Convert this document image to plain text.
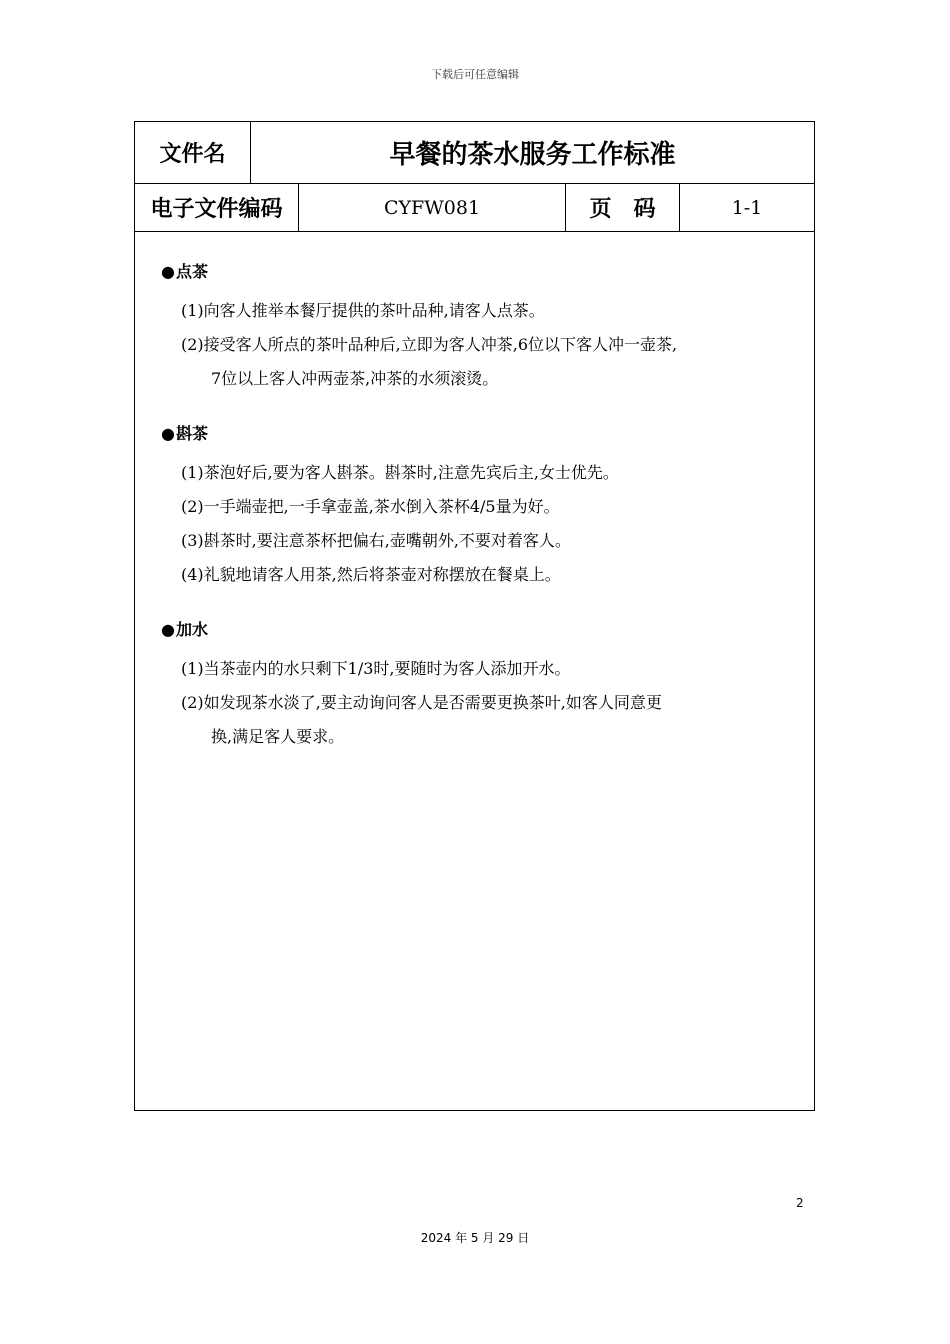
下载后可任意编辑
文件名	早餐的茶水服务工作标准
电子文件编码	CYFW081	页　码	1-1
●点茶
(1)向客人推举本餐厅提供的茶叶品种,请客人点茶。
(2)接受客人所点的茶叶品种后,立即为客人冲茶,6位以下客人冲一壶茶,
7位以上客人冲两壶茶,冲茶的水须滚烫。
●斟茶
(1)茶泡好后,要为客人斟茶。斟茶时,注意先宾后主,女士优先。
(2)一手端壶把,一手拿壶盖,茶水倒入茶杯4/5量为好。
(3)斟茶时,要注意茶杯把偏右,壶嘴朝外,不要对着客人。
(4)礼貌地请客人用茶,然后将茶壶对称摆放在餐桌上。
●加水
(1)当茶壶内的水只剩下1/3时,要随时为客人添加开水。
(2)如发现茶水淡了,要主动询问客人是否需要更换茶叶,如客人同意更
换,满足客人要求。
2
2024 年 5 月 29 日
